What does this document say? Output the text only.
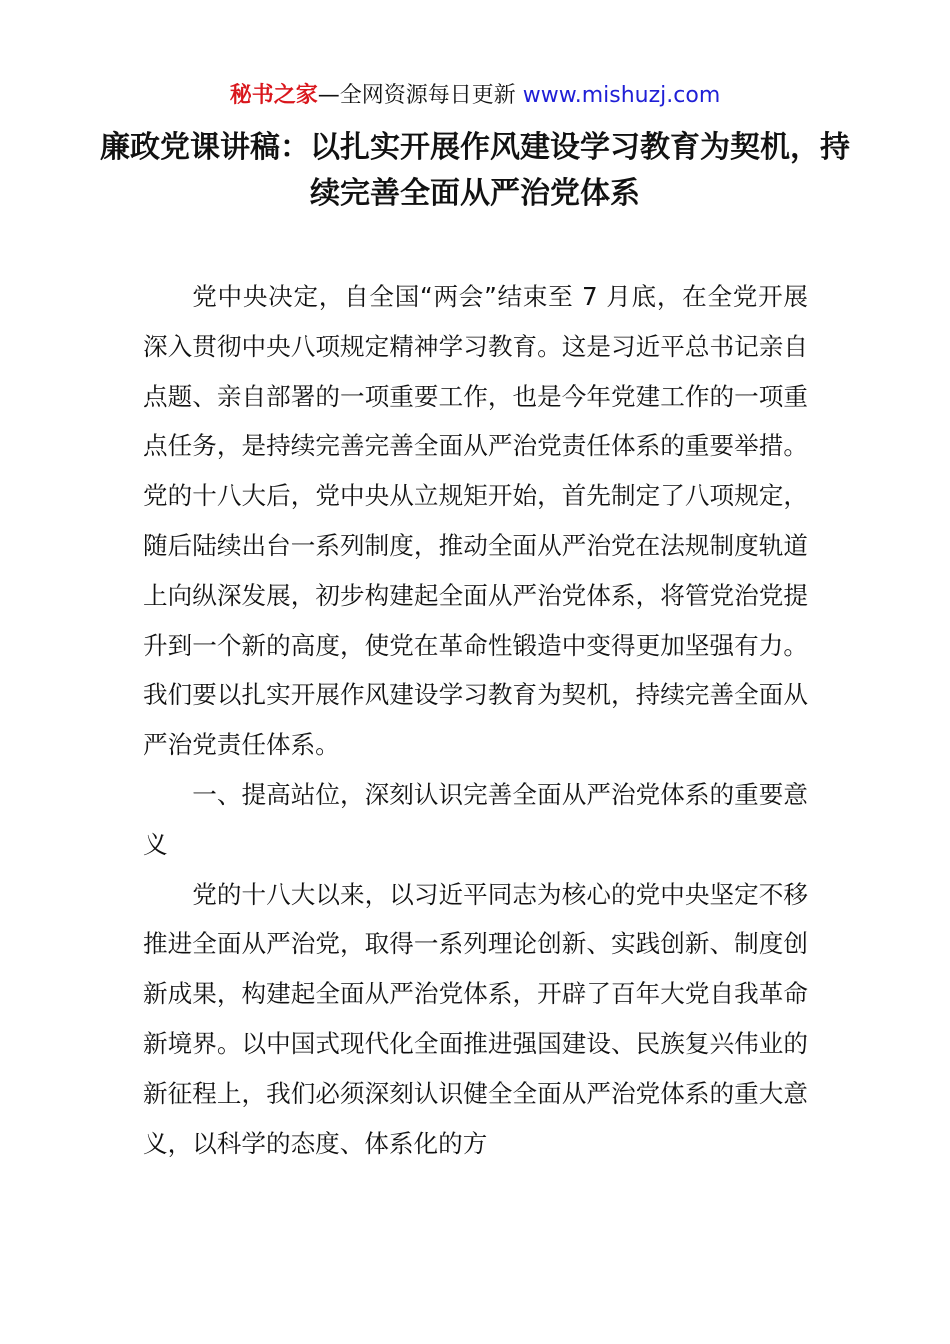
秘书之家—全网资源每日更新 www.mishuzj.com
廉政党课讲稿：以扎实开展作风建设学习教育为契机，持续完善全面从严治党体系

党中央决定，自全国“两会”结束至 7 月底，在全党开展深入贯彻中央八项规定精神学习教育。这是习近平总书记亲自点题、亲自部署的一项重要工作，也是今年党建工作的一项重点任务，是持续完善完善全面从严治党责任体系的重要举措。党的十八大后，党中央从立规矩开始，首先制定了八项规定，随后陆续出台一系列制度，推动全面从严治党在法规制度轨道上向纵深发展，初步构建起全面从严治党体系，将管党治党提升到一个新的高度，使党在革命性锻造中变得更加坚强有力。我们要以扎实开展作风建设学习教育为契机，持续完善全面从严治党责任体系。

一、提高站位，深刻认识完善全面从严治党体系的重要意义

党的十八大以来，以习近平同志为核心的党中央坚定不移推进全面从严治党，取得一系列理论创新、实践创新、制度创新成果，构建起全面从严治党体系，开辟了百年大党自我革命新境界。以中国式现代化全面推进强国建设、民族复兴伟业的新征程上，我们必须深刻认识健全全面从严治党体系的重大意义，以科学的态度、体系化的方
